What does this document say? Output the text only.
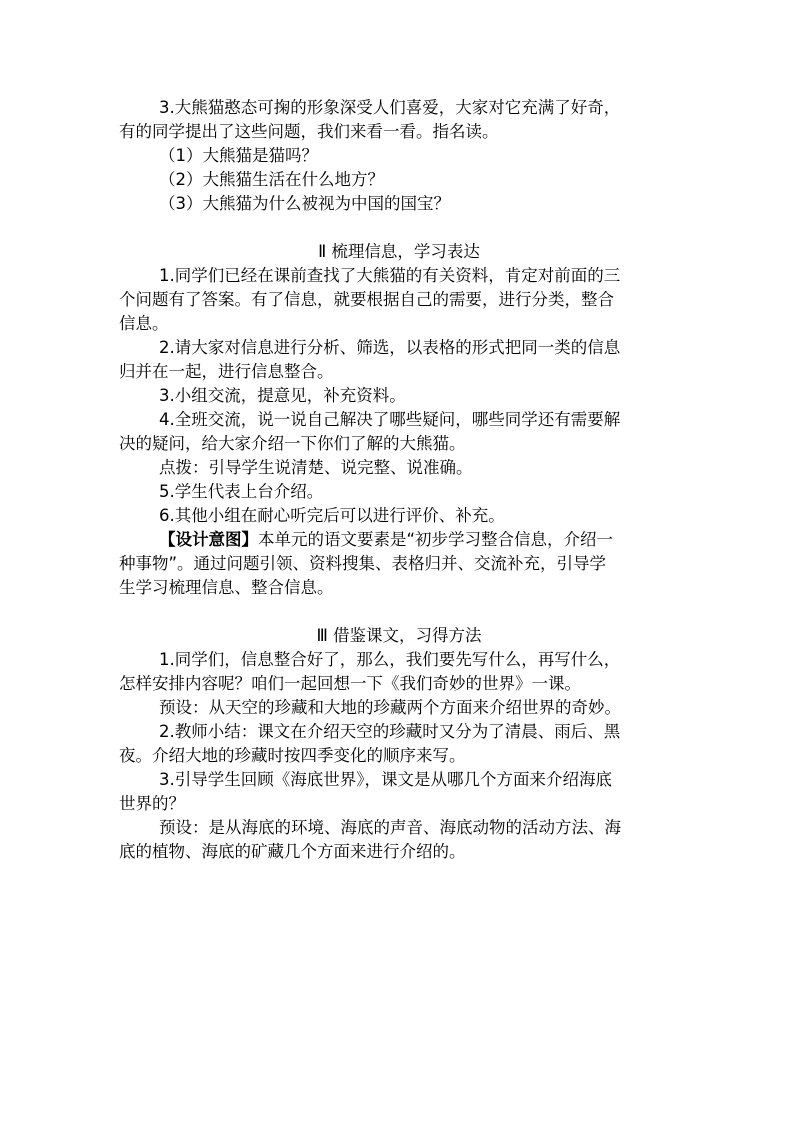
3.大熊猫憨态可掬的形象深受人们喜爱，大家对它充满了好奇，

有的同学提出了这些问题，我们来看一看。指名读。

（1）大熊猫是猫吗？

（2）大熊猫生活在什么地方？

（3）大熊猫为什么被视为中国的国宝？

Ⅱ 梳理信息，学习表达

1.同学们已经在课前查找了大熊猫的有关资料，肯定对前面的三

个问题有了答案。有了信息，就要根据自己的需要，进行分类，整合

信息。

2.请大家对信息进行分析、筛选，以表格的形式把同一类的信息

归并在一起，进行信息整合。

3.小组交流，提意见，补充资料。

4.全班交流，说一说自己解决了哪些疑问，哪些同学还有需要解

决的疑问，给大家介绍一下你们了解的大熊猫。

点拨：引导学生说清楚、说完整、说准确。

5.学生代表上台介绍。

6.其他小组在耐心听完后可以进行评价、补充。

【设计意图】本单元的语文要素是“初步学习整合信息，介绍一

种事物”。通过问题引领、资料搜集、表格归并、交流补充，引导学

生学习梳理信息、整合信息。

Ⅲ 借鉴课文，习得方法

1.同学们，信息整合好了，那么，我们要先写什么，再写什么，

怎样安排内容呢？咱们一起回想一下《我们奇妙的世界》一课。

预设：从天空的珍藏和大地的珍藏两个方面来介绍世界的奇妙。

2.教师小结：课文在介绍天空的珍藏时又分为了清晨、雨后、黑

夜。介绍大地的珍藏时按四季变化的顺序来写。

3.引导学生回顾《海底世界》，课文是从哪几个方面来介绍海底

世界的？

预设：是从海底的环境、海底的声音、海底动物的活动方法、海

底的植物、海底的矿藏几个方面来进行介绍的。
